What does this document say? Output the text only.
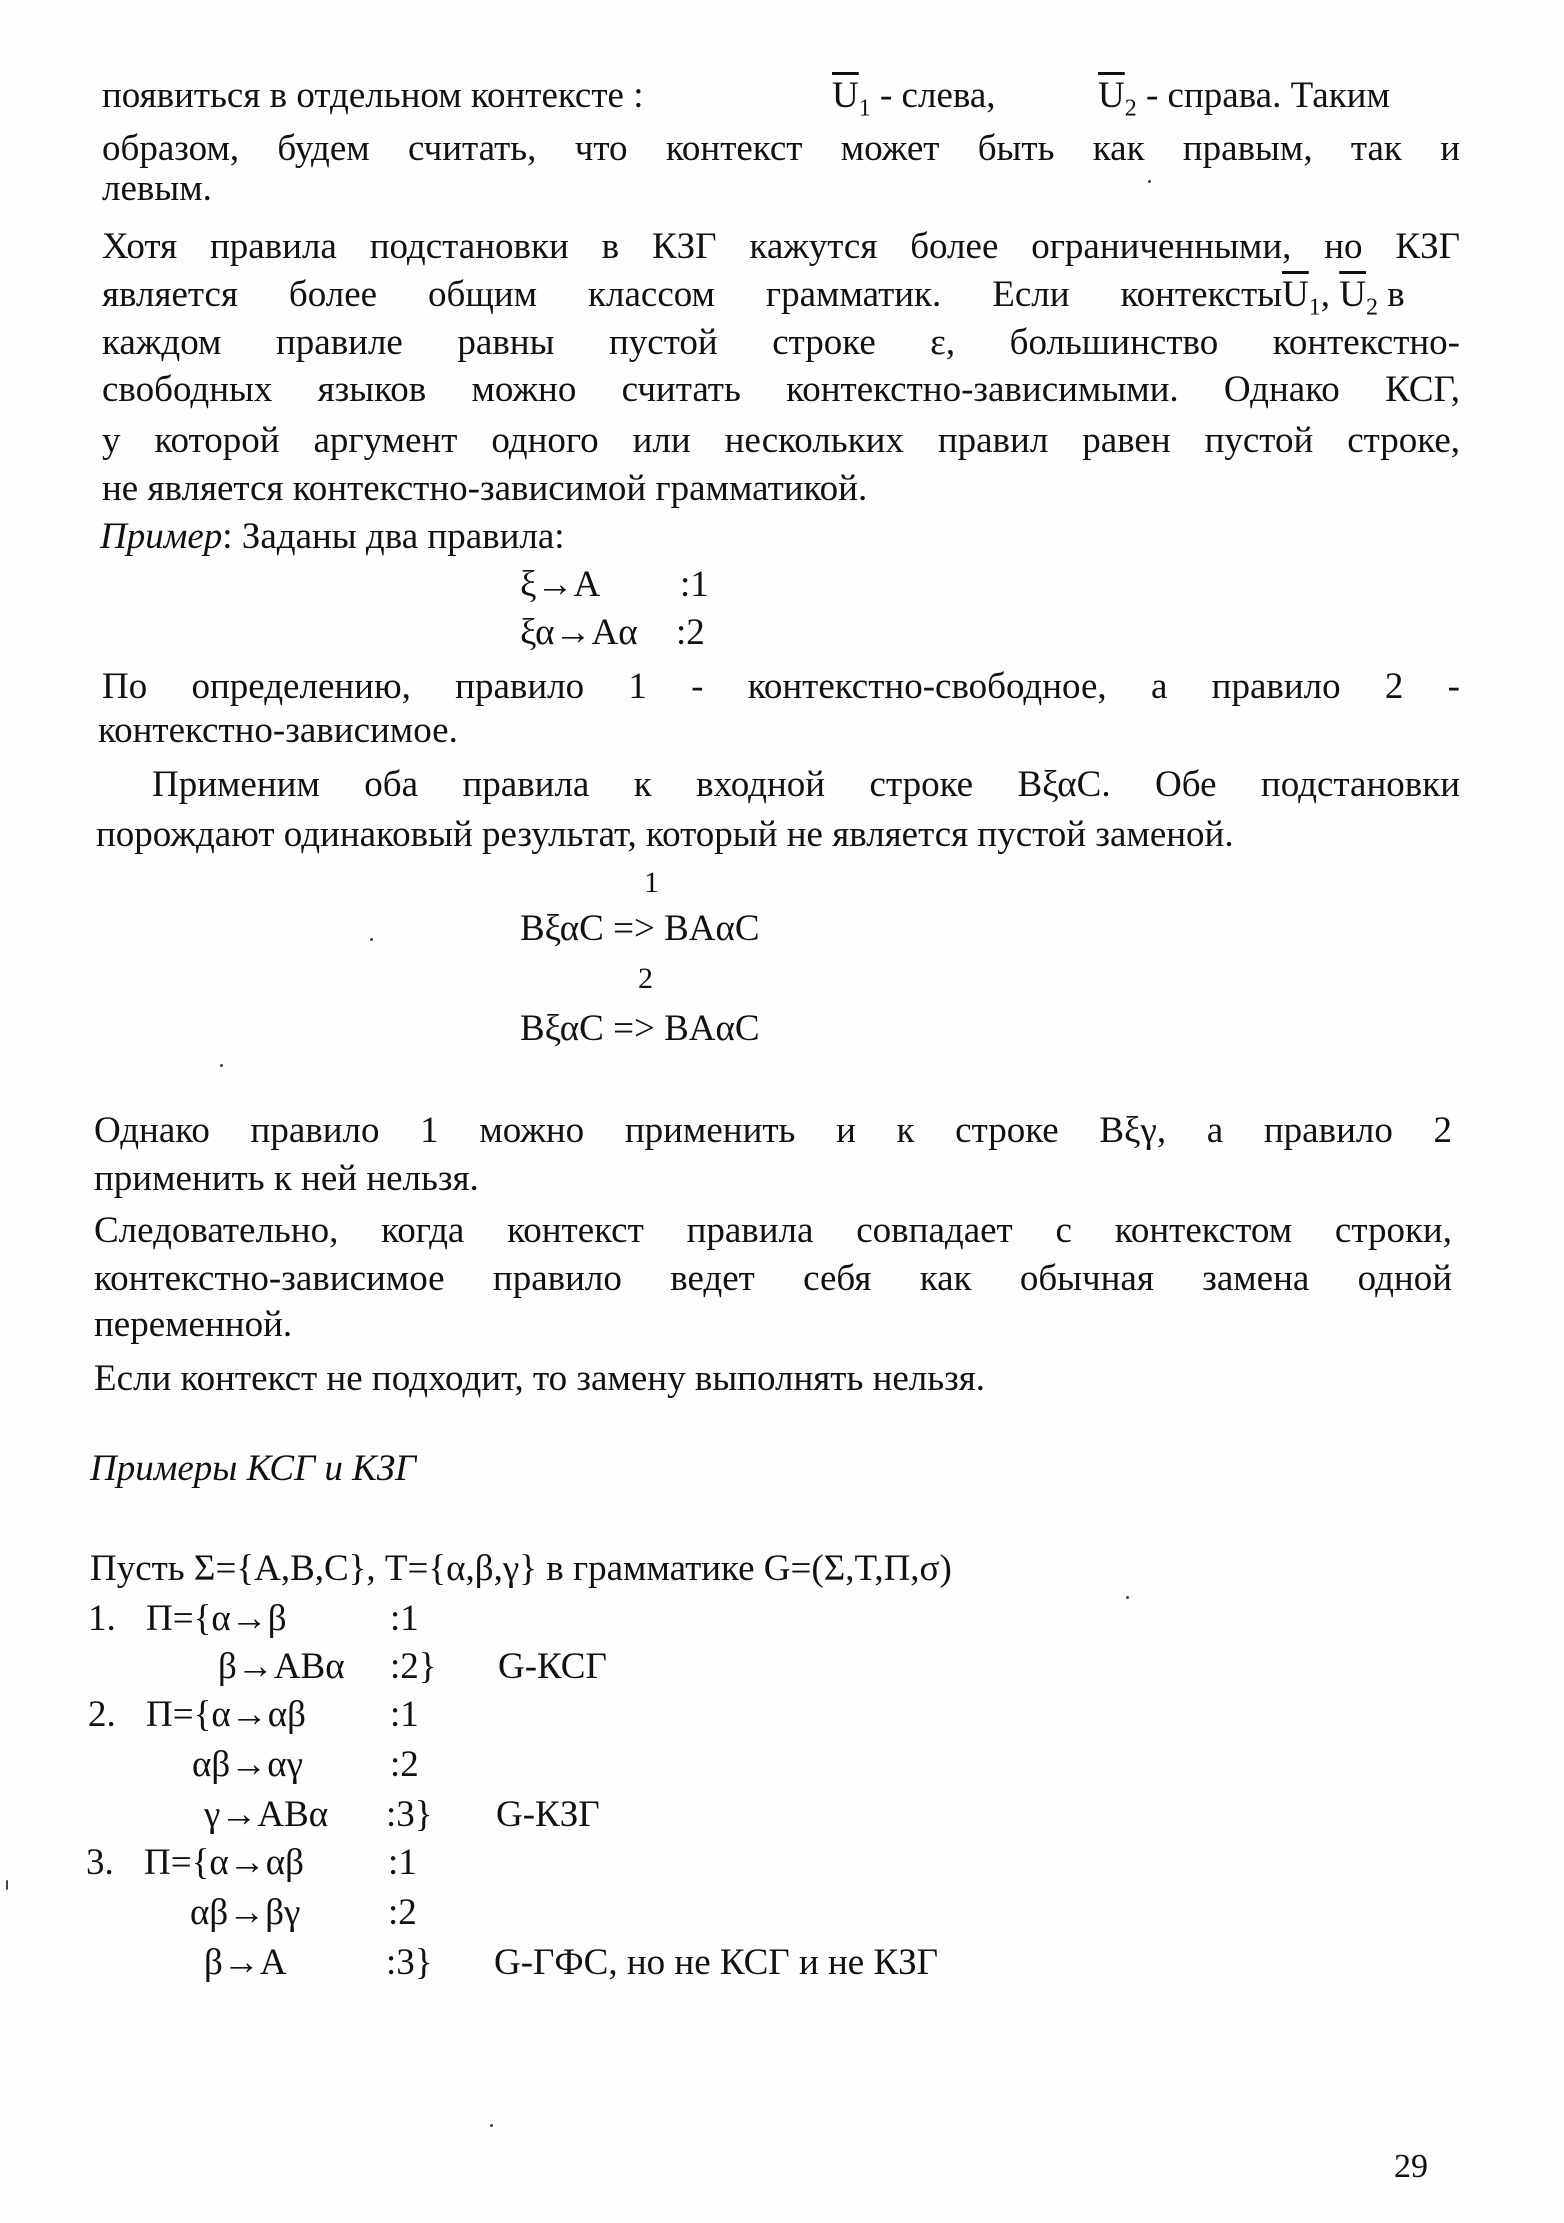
появиться в отдельном контексте :	$\overline{U}_1$ - слева,	$\overline{U}_2$ - справа. Таким
образом, будем считать, что контекст может быть как правым, так и
левым.
Хотя правила подстановки в КЗГ кажутся более ограниченными, но КЗГ
является более общим классом грамматик. Если $контексты\overline{U}_1$, $\overline{U}_2$ в
каждом правиле равны пустой строке ε, большинство контекстно-
свободных языков можно считать контекстно-зависимыми. Однако КСГ,
у которой аргумент одного или нескольких правил равен пустой строке,
не является контекстно-зависимой грамматикой.
Пример: Заданы два правила:
ξ→A :1
ξα→Aα :2
По определению, правило 1 - контекстно-свободное, а правило 2 -
контекстно-зависимое.
Применим оба правила к входной строке BξαC. Обе подстановки
порождают одинаковый результат, который не является пустой заменой.
1
BξαC => BAαC
2
BξαC => BAαC
Однако правило 1 можно применить и к строке Bξγ, а правило 2
применить к ней нельзя.
Следовательно, когда контекст правила совпадает с контекстом строки,
контекстно-зависимое правило ведет себя как обычная замена одной
переменной.
Если контекст не подходит, то замену выполнять нельзя.
Примеры КСГ и КЗГ
Пусть Σ={A,B,C}, T={α,β,γ} в грамматике G=(Σ,T,Π,σ)
1. Π={α→β	:1
β→ABα :2} G-КСГ
2. Π={α→αβ :1
αβ→αγ :2
γ→ABα :3} G-КЗГ
3. Π={α→αβ :1
αβ→βγ :2
β→A	:3} G-ГФС, но не КСГ и не КЗГ
29
